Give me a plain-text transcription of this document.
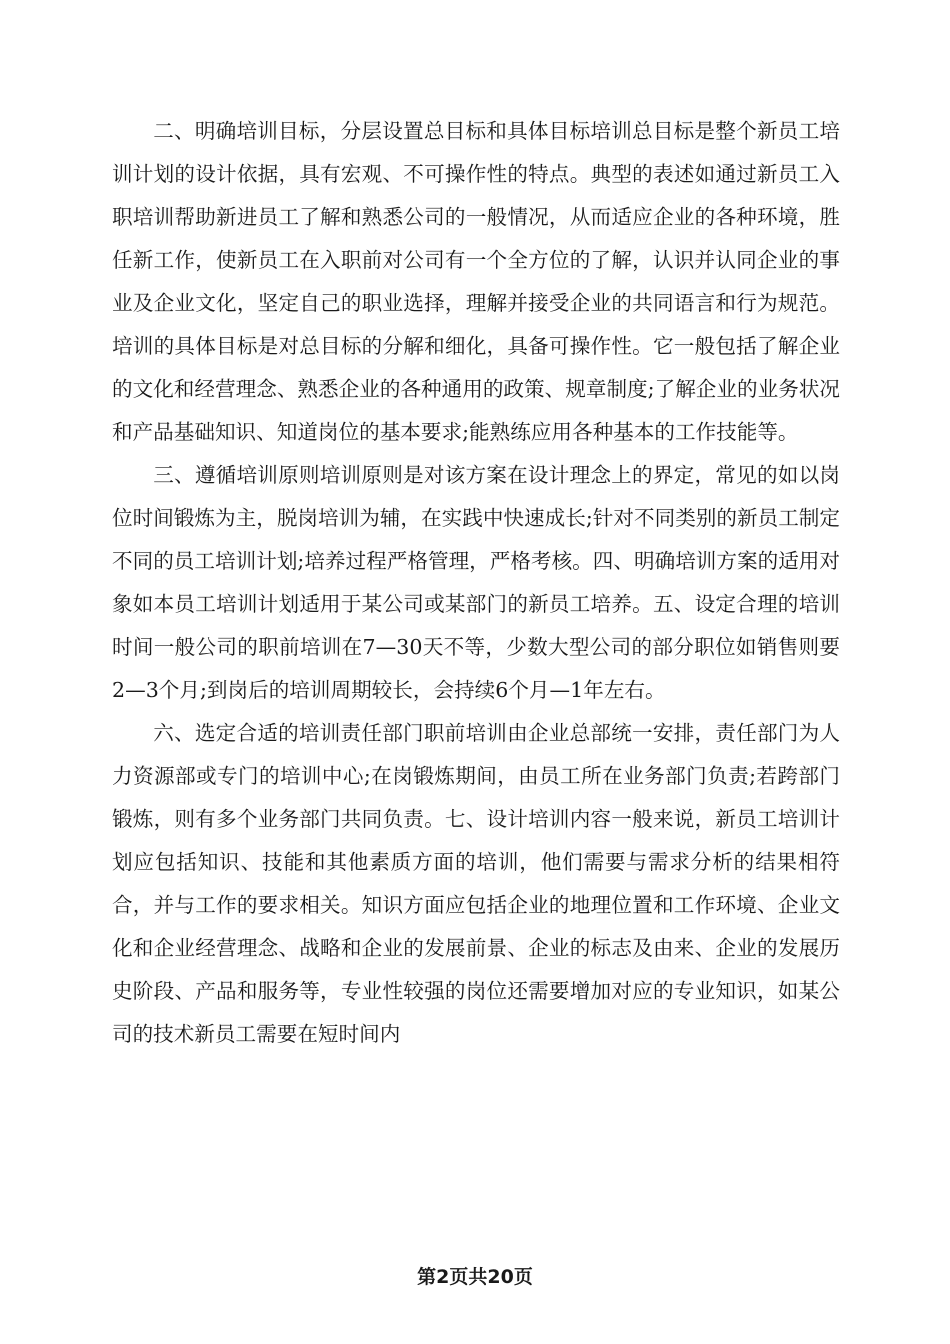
二、明确培训目标，分层设置总目标和具体目标培训总目标是整个新员工培训计划的设计依据，具有宏观、不可操作性的特点。典型的表述如通过新员工入职培训帮助新进员工了解和熟悉公司的一般情况，从而适应企业的各种环境，胜任新工作，使新员工在入职前对公司有一个全方位的了解，认识并认同企业的事业及企业文化，坚定自己的职业选择，理解并接受企业的共同语言和行为规范。培训的具体目标是对总目标的分解和细化，具备可操作性。它一般包括了解企业的文化和经营理念、熟悉企业的各种通用的政策、规章制度;了解企业的业务状况和产品基础知识、知道岗位的基本要求;能熟练应用各种基本的工作技能等。

三、遵循培训原则培训原则是对该方案在设计理念上的界定，常见的如以岗位时间锻炼为主，脱岗培训为辅，在实践中快速成长;针对不同类别的新员工制定不同的员工培训计划;培养过程严格管理，严格考核。四、明确培训方案的适用对象如本员工培训计划适用于某公司或某部门的新员工培养。五、设定合理的培训时间一般公司的职前培训在7—30天不等，少数大型公司的部分职位如销售则要2—3个月;到岗后的培训周期较长，会持续6个月—1年左右。

六、选定合适的培训责任部门职前培训由企业总部统一安排，责任部门为人力资源部或专门的培训中心;在岗锻炼期间，由员工所在业务部门负责;若跨部门锻炼，则有多个业务部门共同负责。七、设计培训内容一般来说，新员工培训计划应包括知识、技能和其他素质方面的培训，他们需要与需求分析的结果相符合，并与工作的要求相关。知识方面应包括企业的地理位置和工作环境、企业文化和企业经营理念、战略和企业的发展前景、企业的标志及由来、企业的发展历史阶段、产品和服务等，专业性较强的岗位还需要增加对应的专业知识，如某公司的技术新员工需要在短时间内

第2页共20页
